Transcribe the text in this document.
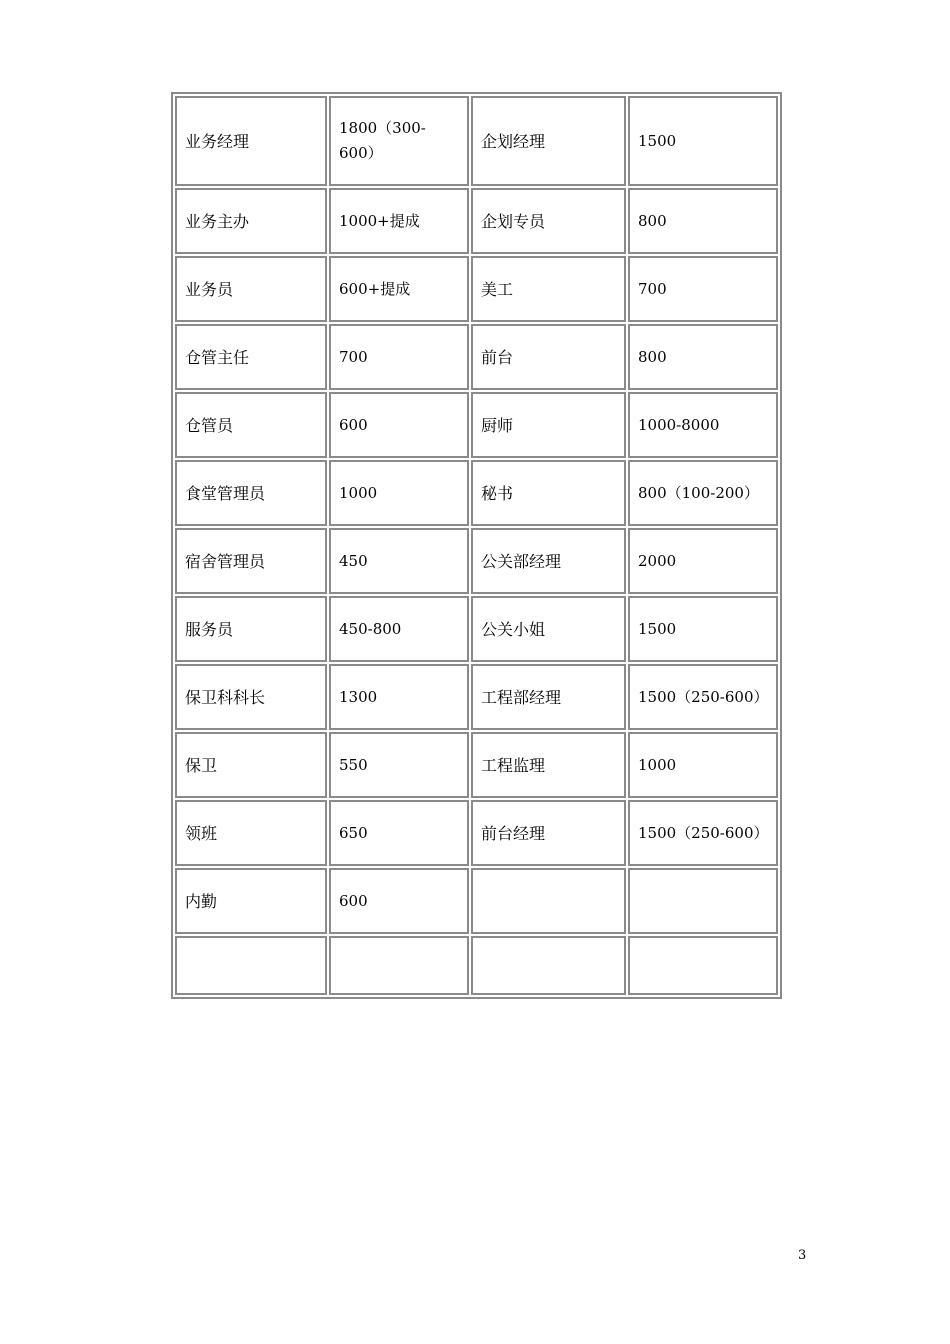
业务经理	1800（300-600）	企划经理	1500
业务主办	1000+提成	企划专员	800
业务员	600+提成	美工	700
仓管主任	700	前台	800
仓管员	600	厨师	1000-8000
食堂管理员	1000	秘书	800（100-200）
宿舍管理员	450	公关部经理	2000
服务员	450-800	公关小姐	1500
保卫科科长	1300	工程部经理	1500（250-600）
保卫	550	工程监理	1000
领班	650	前台经理	1500（250-600）
内勤	600		

3
